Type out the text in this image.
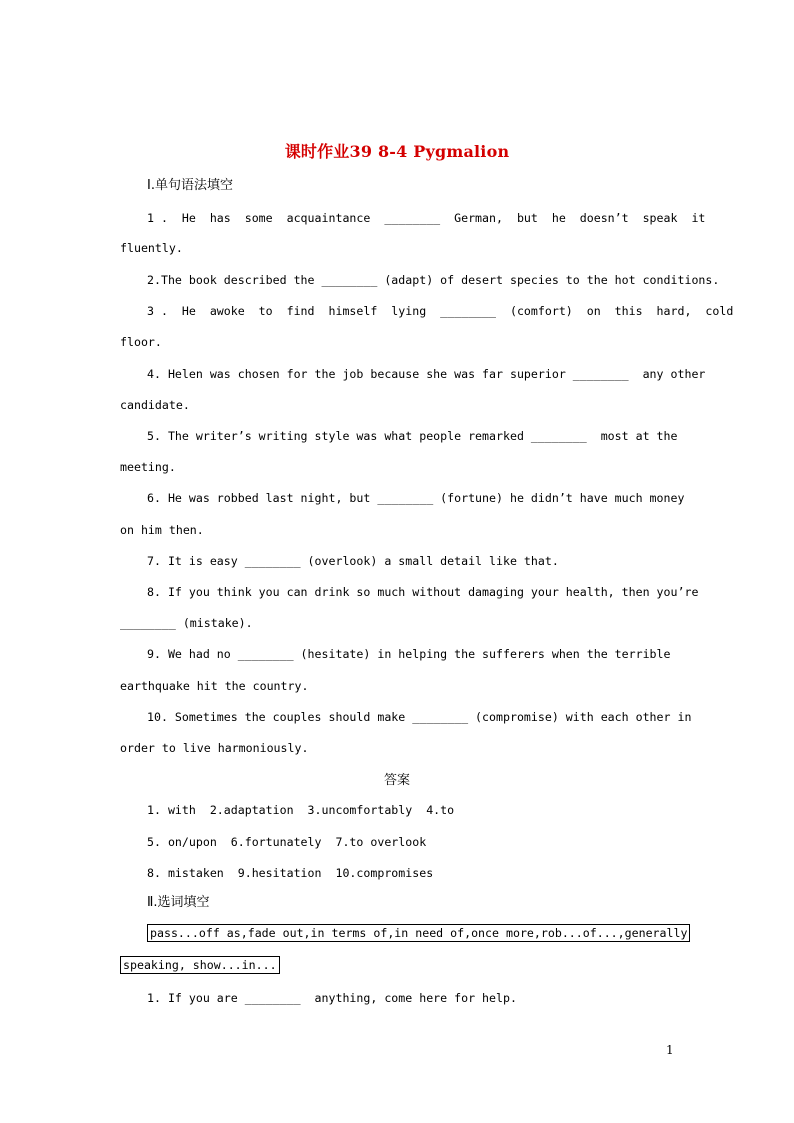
课时作业39 8-4 Pygmalion
Ⅰ.单句语法填空
1 .  He  has  some  acquaintance  ________  German,  but  he  doesn’t  speak  it
fluently.
2.The book described the ________ (adapt) of desert species to the hot conditions.
3 .  He  awoke  to  find  himself  lying  ________  (comfort)  on  this  hard,  cold
floor.
4. Helen was chosen for the job because she was far superior ________  any other
candidate.
5. The writer’s writing style was what people remarked ________  most at the
meeting.
6. He was robbed last night, but ________ (fortune) he didn’t have much money
on him then.
7. It is easy ________ (overlook) a small detail like that.
8. If you think you can drink so much without damaging your health, then you’re
________ (mistake).
9. We had no ________ (hesitate) in helping the sufferers when the terrible
earthquake hit the country.
10. Sometimes the couples should make ________ (compromise) with each other in
order to live harmoniously.
答案
1. with  2.adaptation  3.uncomfortably  4.to
5. on/upon  6.fortunately  7.to overlook
8. mistaken  9.hesitation  10.compromises
Ⅱ.选词填空
pass...off as,fade out,in terms of,in need of,once more,rob...of...,generally
speaking, show...in...
1. If you are ________  anything, come here for help.
1
